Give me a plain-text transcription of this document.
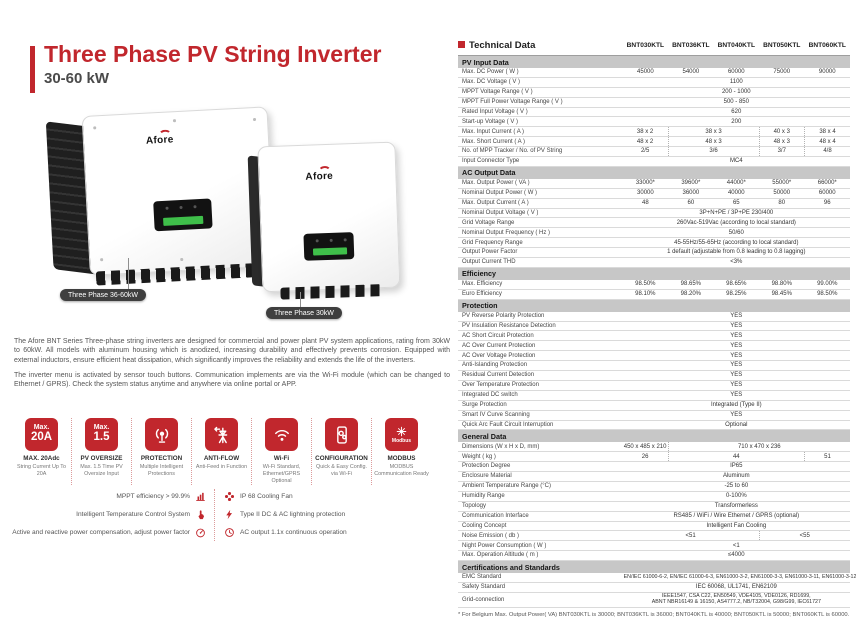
Three Phase PV String Inverter
30-60 kW
Afore
Afore
Three Phase 36-60kW
Three Phase 30kW

The Afore BNT Series Three-phase string inverters are designed for commercial and power plant PV system applications, rating from 30kW to 60kW. All models with aluminum housing which is anodized, increasing durability and effectively prevents corrosion. Equipped with external inductors, ensure efficient heat dissipation, which significantly improves the reliability and extends the life of the inverters.

The inverter menu is activated by sensor touch buttons. Communication implements are via the Wi-Fi module (which can be changed to Ethernet / GPRS). Check the system status anytime and anywhere via online portal or APP.

Max.
20A
MAX. 20Adc
String Current Up To 20A
Max.
1.5
PV OVERSIZE
Max. 1.5 Time PV Oversize Input
PROTECTION
Multiple Intelligent Protections
ANTI-FLOW
Anti-Feed in Function
Wi-Fi
Wi-Fi Standard, Ethernet/GPRS Optional
CONFIGURATION
Quick & Easy Config. via Wi-Fi
Modbus
MODBUS
MODBUS Communication Ready
MPPT efficiency > 99.9%
Intelligent Temperature Control System
Active and reactive power compensation, adjust power factor
IP 68 Cooling Fan
Type II DC & AC lightning protection
AC output 1.1x continuous operation
Technical Data	BNT030KTL	BNT036KTL	BNT040KTL	BNT050KTL	BNT060KTL
PV Input Data					
Max. DC Power ( W )	45000	54000	60000	75000	90000
Max. DC Voltage ( V )	1100				
MPPT Voltage Range ( V )	200 - 1000				
MPPT Full Power Voltage Range ( V )	500 - 850				
Rated Input Voltage ( V )	620				
Start-up Voltage ( V )	200				
Max. Input Current ( A )	38 x 2	38 x 3		40 x 3	38 x 4
Max. Short Current ( A )	48 x 2	48 x 3		48 x 3	48 x 4
No. of MPP Tracker / No. of PV String	2/5	3/6		3/7	4/8
Input Connector Type	MC4				
AC Output Data					
Max. Output Power ( VA )	33000*	39600*	44000*	55000*	66000*
Nominal Output Power ( W )	30000	36000	40000	50000	60000
Max. Output Current ( A )	48	60	65	80	96
Nominal Output Voltage ( V )	3P+N+PE / 3P+PE 230/400				
Grid Voltage Range	260Vac-519Vac (according to local standard)				
Nominal Output Frequency ( Hz )	50/60				
Grid Frequency Range	45-55Hz/55-65Hz (according to local standard)				
Output Power Factor	1 default (adjustable from 0.8 leading to 0.8 lagging)				
Output Current THD	<3%				
Efficiency					
Max. Efficiency	98.50%	98.65%	98.65%	98.80%	99.00%
Euro Efficiency	98.10%	98.20%	98.25%	98.45%	98.50%
Protection					
PV Reverse Polarity Protection	YES				
PV Insulation Resistance Detection	YES				
AC Short Circuit Protection	YES				
AC Over Current Protection	YES				
AC Over Voltage Protection	YES				
Anti-Islanding Protection	YES				
Residual Current Detection	YES				
Over Temperature Protection	YES				
Integrated DC switch	YES				
Surge Protection	Integrated (Type II)				
Smart IV Curve Scanning	YES				
Quick Arc Fault Circuit Interruption	Optional				
General Data					
Dimensions (W x H x D, mm)	450 x 485 x 210	710 x 470 x 236			
Weight ( kg )	26	44			51
Protection Degree	IP65				
Enclosure Material	Aluminum				
Ambient Temperature Range (°C)	-25 to 60				
Humidity Range	0-100%				
Topology	Transformerless				
Communication Interface	RS485 / WiFi / Wire Ethernet / GPRS (optional)				
Cooling Concept	Intelligent Fan Cooling				
Noise Emission ( db )	<51			<55	
Night Power Consumption ( W )	<1				
Max. Operation Altitude ( m )	≤4000				
Certifications and Standards					
EMC Standard	EN/IEC 61000-6-2, EN/IEC 61000-6-3, EN61000-3-2, EN61000-3-3, EN61000-3-11, EN61000-3-12				
Safety Standard	IEC 60068, UL1741, EN62109				
Grid-connection	IEEE1547, CSA C22, EN50549, VDE4105, VDE0126, RD1699,
ABNT NBR16149 & 16150, AS4777.2, NB/T32004, G98/G99, IEC61727				
* For Belgium Max. Output Power( VA) BNT030KTL is 30000; BNT036KTL is 36000; BNT040KTL is 40000; BNT050KTL is 50000; BNT060KTL is 60000.
